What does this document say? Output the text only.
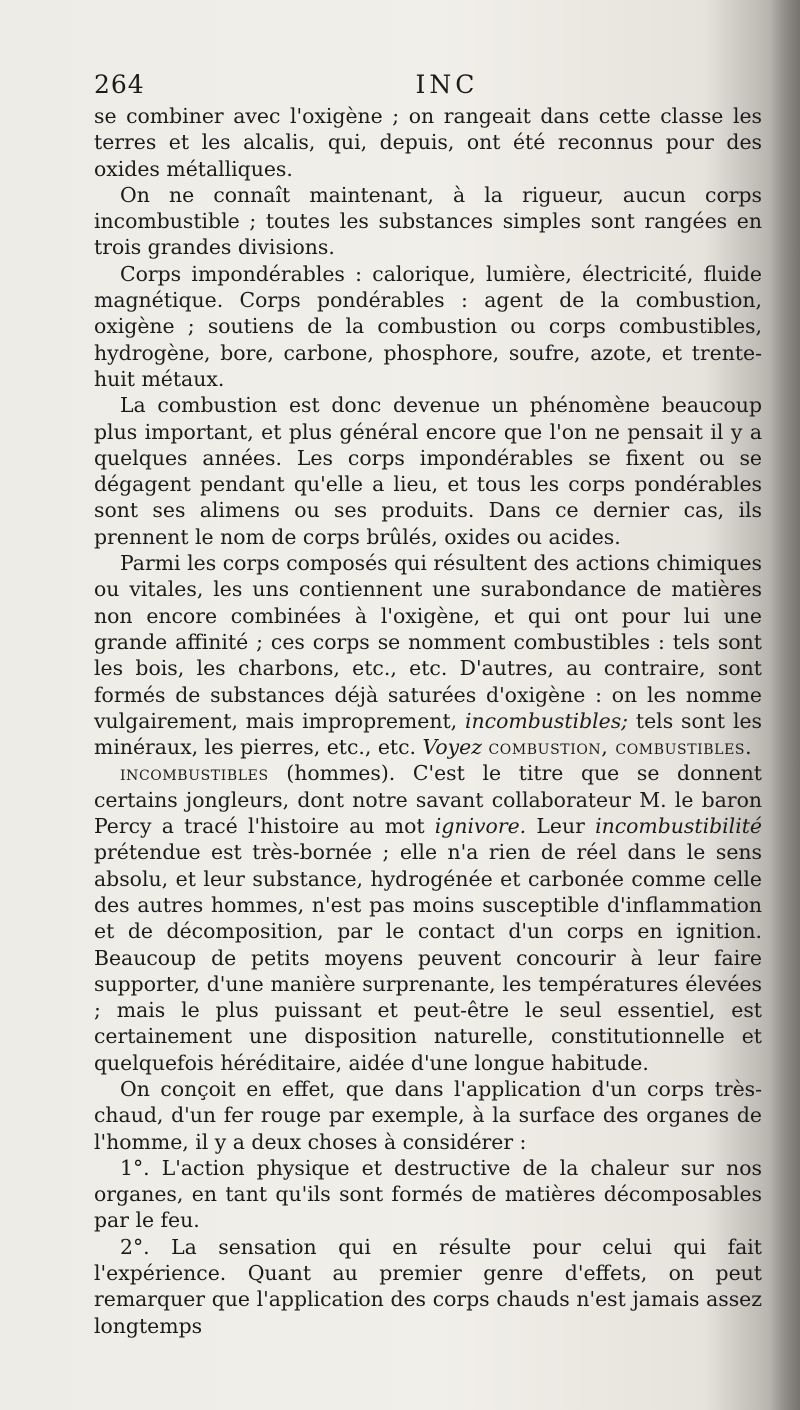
264	INC

se combiner avec l'oxigène ; on rangeait dans cette classe les terres et les alcalis, qui, depuis, ont été reconnus pour des oxides métalliques.

On ne connaît maintenant, à la rigueur, aucun corps incombustible ; toutes les substances simples sont rangées en trois grandes divisions.

Corps impondérables : calorique, lumière, électricité, fluide magnétique. Corps pondérables : agent de la combustion, oxigène ; soutiens de la combustion ou corps combustibles, hydrogène, bore, carbone, phosphore, soufre, azote, et trente-huit métaux.

La combustion est donc devenue un phénomène beaucoup plus important, et plus général encore que l'on ne pensait il y a quelques années. Les corps impondérables se fixent ou se dégagent pendant qu'elle a lieu, et tous les corps pondérables sont ses alimens ou ses produits. Dans ce dernier cas, ils prennent le nom de corps brûlés, oxides ou acides.

Parmi les corps composés qui résultent des actions chimiques ou vitales, les uns contiennent une surabondance de matières non encore combinées à l'oxigène, et qui ont pour lui une grande affinité ; ces corps se nomment combustibles : tels sont les bois, les charbons, etc., etc. D'autres, au contraire, sont formés de substances déjà saturées d'oxigène : on les nomme vulgairement, mais improprement, incombustibles; tels sont les minéraux, les pierres, etc., etc. Voyez combustion, combustibles.

incombustibles (hommes). C'est le titre que se donnent certains jongleurs, dont notre savant collaborateur M. le baron Percy a tracé l'histoire au mot ignivore. Leur incombustibilité prétendue est très-bornée ; elle n'a rien de réel dans le sens absolu, et leur substance, hydrogénée et carbonée comme celle des autres hommes, n'est pas moins susceptible d'inflammation et de décomposition, par le contact d'un corps en ignition. Beaucoup de petits moyens peuvent concourir à leur faire supporter, d'une manière surprenante, les températures élevées ; mais le plus puissant et peut-être le seul essentiel, est certainement une disposition naturelle, constitutionnelle et quelquefois héréditaire, aidée d'une longue habitude.

On conçoit en effet, que dans l'application d'un corps très-chaud, d'un fer rouge par exemple, à la surface des organes de l'homme, il y a deux choses à considérer :

1°. L'action physique et destructive de la chaleur sur nos organes, en tant qu'ils sont formés de matières décomposables par le feu.

2°. La sensation qui en résulte pour celui qui fait l'expérience. Quant au premier genre d'effets, on peut remarquer que l'application des corps chauds n'est jamais assez longtemps
